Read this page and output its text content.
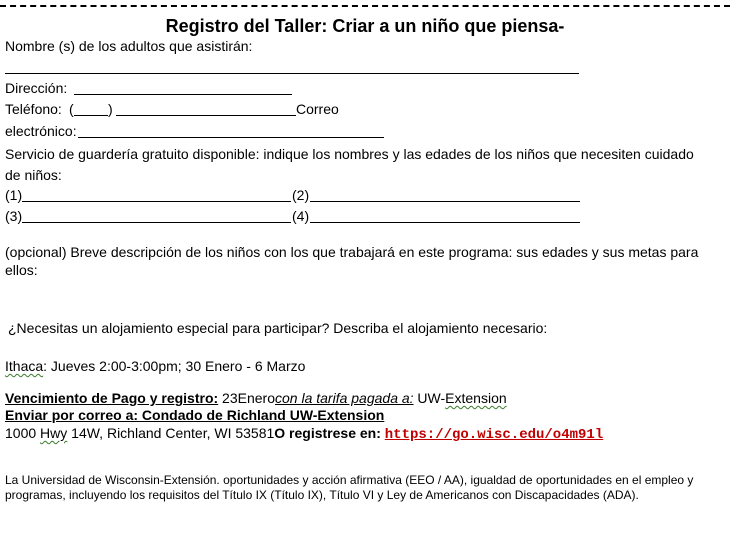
Registro del Taller: Criar a un niño que piensa-
Nombre (s) de los adultos que asistirán:
Dirección:
Teléfono: ( )	Correo
electrónico:
Servicio de guardería gratuito disponible: indique los nombres y las edades de los niños que necesiten cuidado de niños:
(1)	(2)
(3)	(4)
(opcional) Breve descripción de los niños con los que trabajará en este programa: sus edades y sus metas para ellos:
¿Necesitas un alojamiento especial para participar? Describa el alojamiento necesario:
Ithaca: Jueves 2:00-3:00pm; 30 Enero - 6 Marzo
Vencimiento de Pago y registro: 23Enerocon la tarifa pagada a: UW-Extension
Enviar por correo a: Condado de Richland UW-Extension
1000 Hwy 14W, Richland Center, WI 53581O registrese en: https://go.wisc.edu/o4m91l
La Universidad de Wisconsin-Extensión. oportunidades y acción afirmativa (EEO / AA), igualdad de oportunidades en el empleo y programas, incluyendo los requisitos del Título IX (Título IX), Título VI y Ley de Americanos con Discapacidades (ADA).
